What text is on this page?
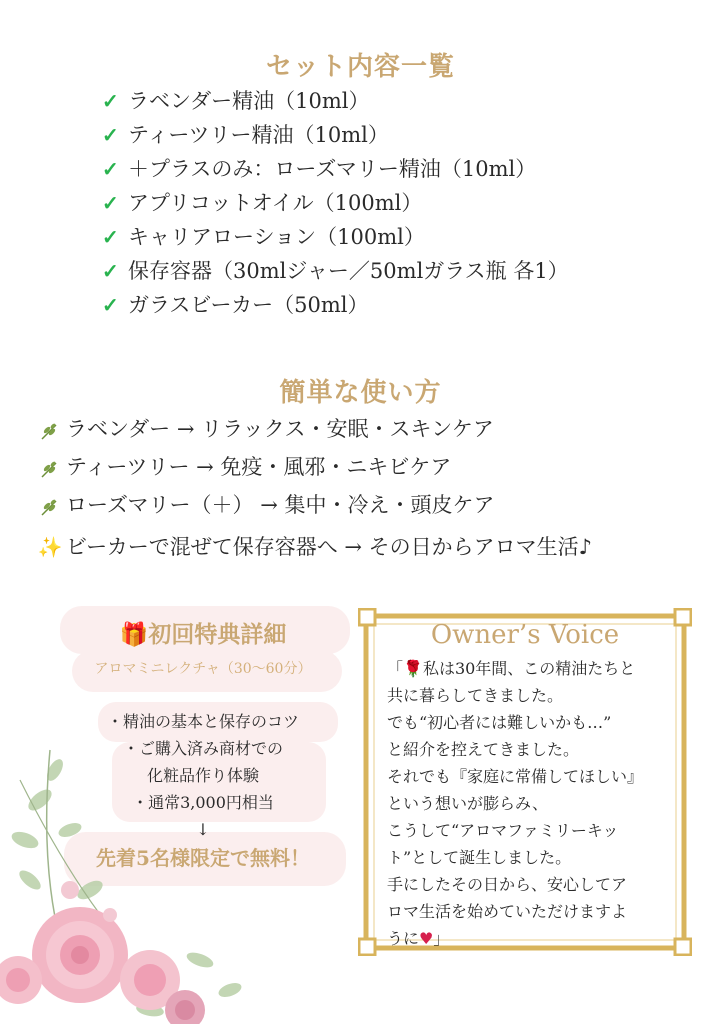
セット内容一覧
✓ ラベンダー精油（10ml）
✓ ティーツリー精油（10ml）
✓ ＋プラスのみ：ローズマリー精油（10ml）
✓ アプリコットオイル（100ml）
✓ キャリアローション（100ml）
✓ 保存容器（30mlジャー／50mlガラス瓶 各1）
✓ ガラスビーカー（50ml）
簡単な使い方
ラベンダー → リラックス・安眠・スキンケア
ティーツリー → 免疫・風邪・ニキビケア
ローズマリー（＋） → 集中・冷え・頭皮ケア
✨ ビーカーで混ぜて保存容器へ → その日からアロマ生活♪
🎁初回特典詳細
アロマミニレクチャ（30〜60分）
・精油の基本と保存のコツ
・ご購入済み商材での
化粧品作り体験
・通常3,000円相当
↓
先着5名様限定で無料！
Owner’s Voice
「🌹私は30年間、この精油たちと
共に暮らしてきました。
でも“初心者には難しいかも…”
と紹介を控えてきました。
それでも『家庭に常備してほしい』
という想いが膨らみ、
こうして“アロマファミリーキッ
ト”として誕生しました。
手にしたその日から、安心してア
ロマ生活を始めていただけますよ
うに♥」
